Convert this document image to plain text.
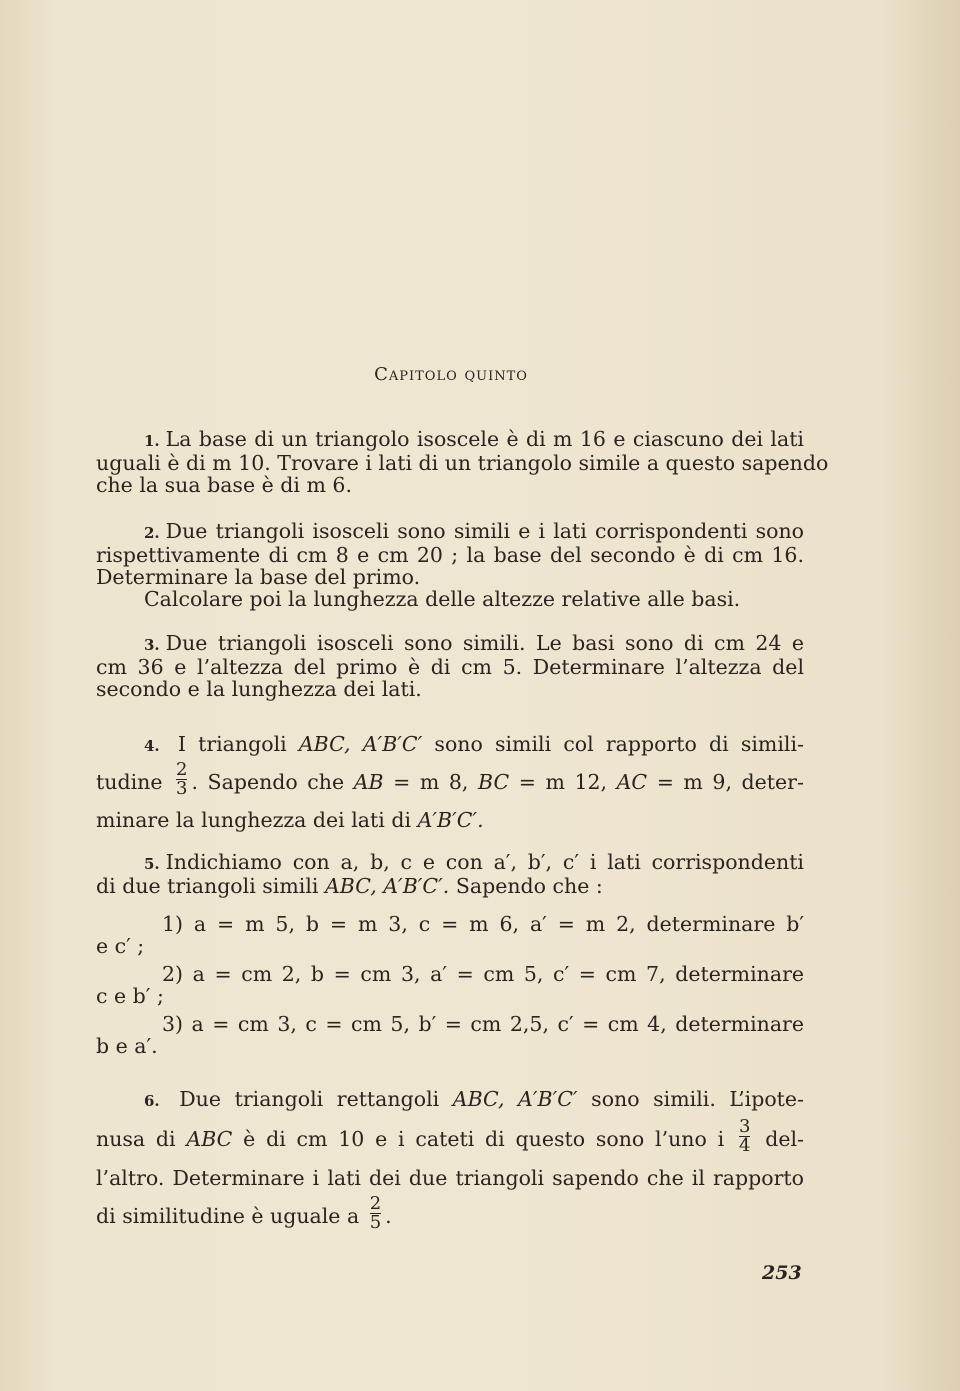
Capitolo quinto
1. La base di un triangolo isoscele è di m 16 e ciascuno dei lati
uguali è di m 10. Trovare i lati di un triangolo simile a questo sapendo
che la sua base è di m 6.
2. Due triangoli isosceli sono simili e i lati corrispondenti sono
rispettivamente di cm 8 e cm 20 ; la base del secondo è di cm 16.
Determinare la base del primo.
Calcolare poi la lunghezza delle altezze relative alle basi.
3. Due triangoli isosceli sono simili. Le basi sono di cm 24 e
cm 36 e l’altezza del primo è di cm 5. Determinare l’altezza del
secondo e la lunghezza dei lati.
4. I triangoli ABC, A′B′C′ sono simili col rapporto di simili-
tudine $\frac{2}{3}$ . Sapendo che AB = m 8, BC = m 12, AC = m 9, deter-
minare la lunghezza dei lati di A′B′C′.
5. Indichiamo con a, b, c e con a′, b′, c′ i lati corrispondenti
di due triangoli simili ABC, A′B′C′. Sapendo che :
1) a = m 5, b = m 3, c = m 6, a′ = m 2, determinare b′
e c′ ;
2) a = cm 2, b = cm 3, a′ = cm 5, c′ = cm 7, determinare
c e b′ ;
3) a = cm 3, c = cm 5, b′ = cm 2,5, c′ = cm 4, determinare
b e a′.
6. Due triangoli rettangoli ABC, A′B′C′ sono simili. L’ipote-
nusa di ABC è di cm 10 e i cateti di questo sono l’uno i $\frac{3}{4} del-$
l’altro. Determinare i lati dei due triangoli sapendo che il rapporto
di similitudine è uguale a $\frac{2}{5}$ .
253
